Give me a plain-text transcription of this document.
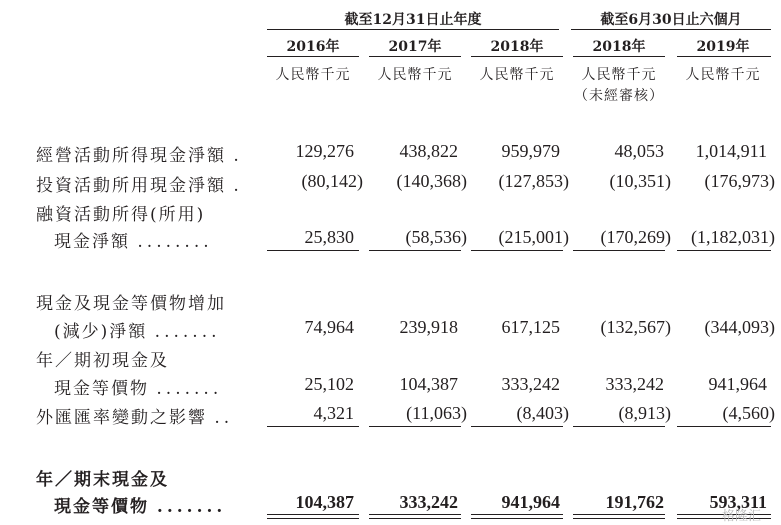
截至12月31日止年度	截至6月30日止六個月
2016年	2017年	2018年	2018年	2019年
人民幣千元	人民幣千元	人民幣千元	人民幣千元	人民幣千元
（未經審核）
經營活動所得現金淨額 .	129,276	438,822	959,979	48,053	1,014,911
投資活動所用現金淨額 .	(80,142)	(140,368)	(127,853)	(10,351)	(176,973)
融資活動所得(所用)
現金淨額 ........	25,830	(58,536)	(215,001)	(170,269)	(1,182,031)
現金及現金等價物增加
(減少)淨額 .......	74,964	239,918	617,125	(132,567)	(344,093)
年／期初現金及
現金等價物 .......	25,102	104,387	333,242	333,242	941,964
外匯匯率變動之影響 ..	4,321	(11,063)	(8,403)	(8,913)	(4,560)
年／期末現金及
現金等價物 .......	104,387	333,242	941,964	191,762	593,311
格隆汇
